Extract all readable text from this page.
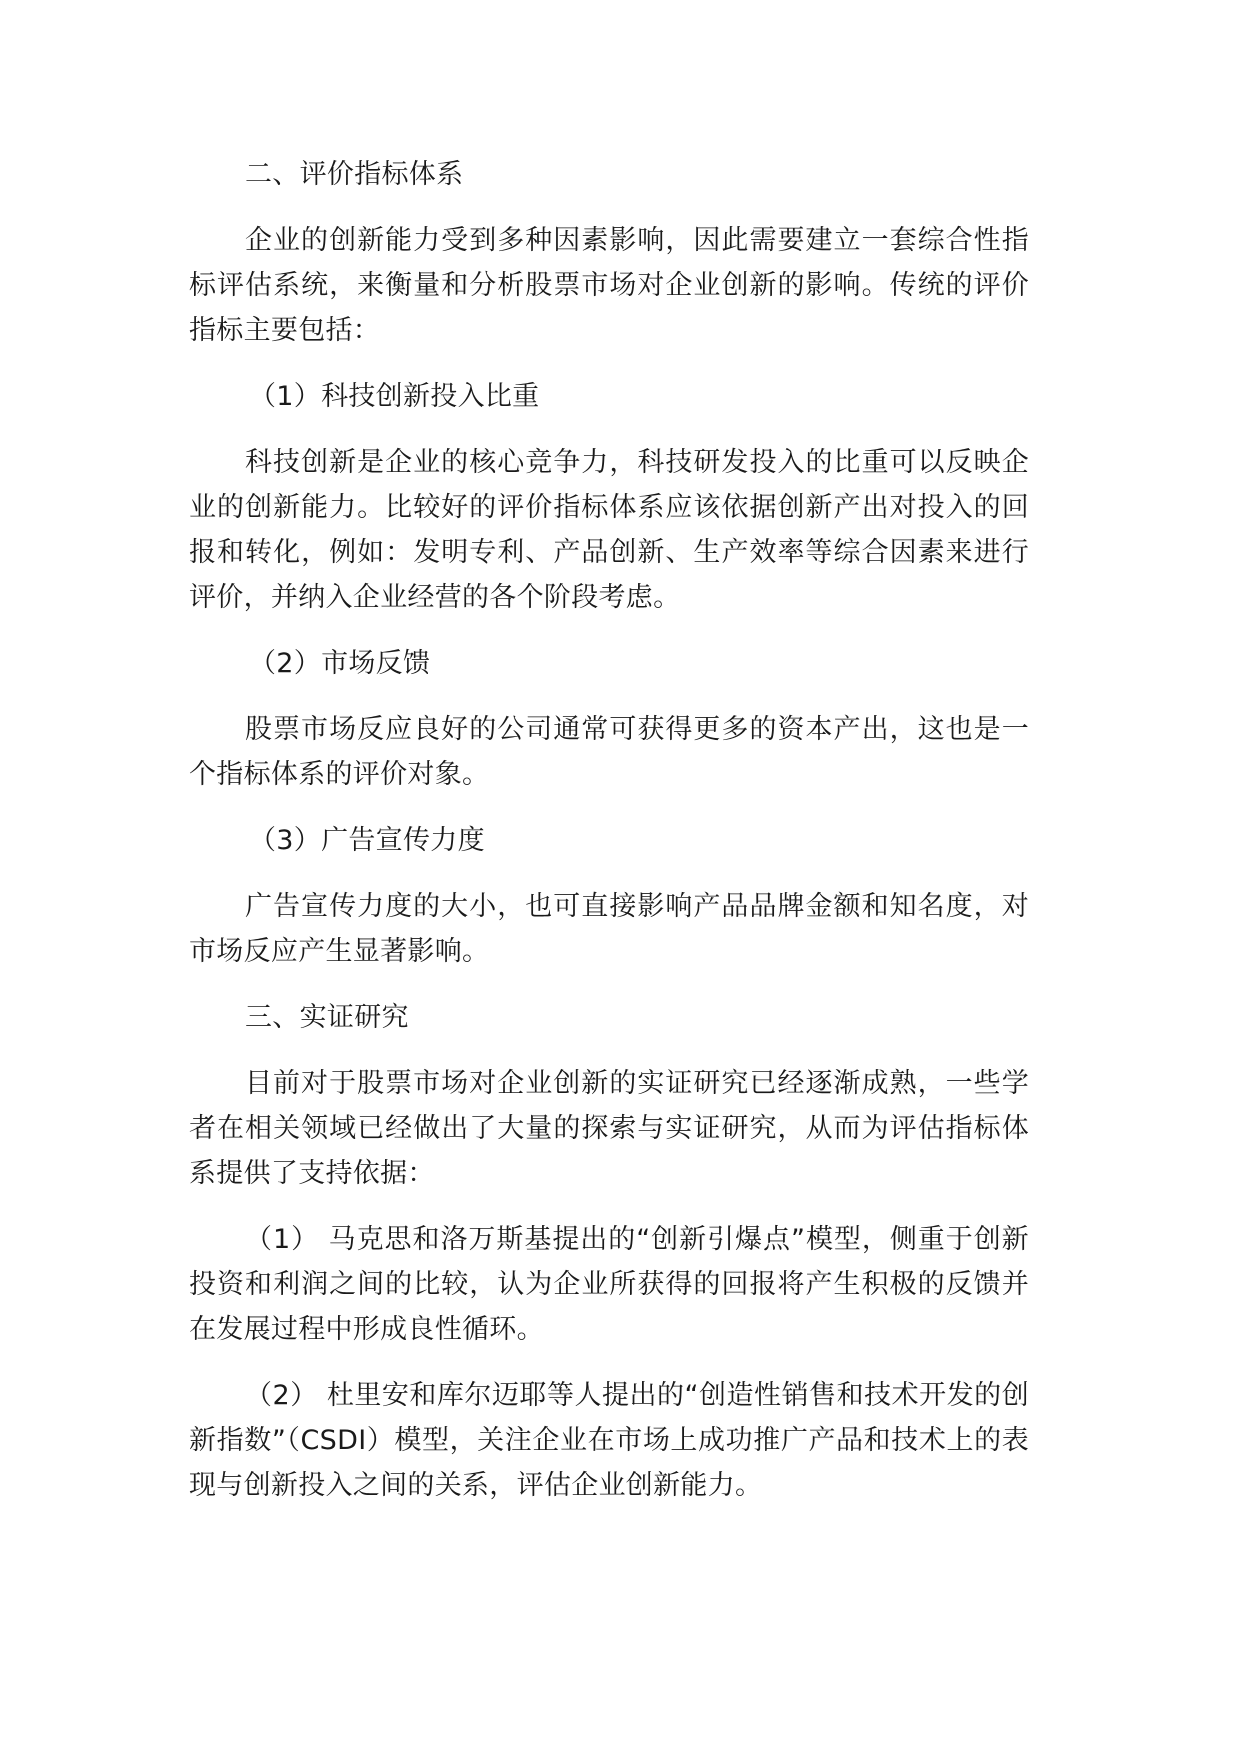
二、评价指标体系
企业的创新能力受到多种因素影响，因此需要建立一套综合性指标评估系统，来衡量和分析股票市场对企业创新的影响。传统的评价指标主要包括：
（1）科技创新投入比重
科技创新是企业的核心竞争力，科技研发投入的比重可以反映企业的创新能力。比较好的评价指标体系应该依据创新产出对投入的回报和转化，例如：发明专利、产品创新、生产效率等综合因素来进行评价，并纳入企业经营的各个阶段考虑。
（2）市场反馈
股票市场反应良好的公司通常可获得更多的资本产出，这也是一个指标体系的评价对象。
（3）广告宣传力度
广告宣传力度的大小，也可直接影响产品品牌金额和知名度，对市场反应产生显著影响。
三、实证研究
目前对于股票市场对企业创新的实证研究已经逐渐成熟，一些学者在相关领域已经做出了大量的探索与实证研究，从而为评估指标体系提供了支持依据：
（1） 马克思和洛万斯基提出的“创新引爆点”模型，侧重于创新投资和利润之间的比较，认为企业所获得的回报将产生积极的反馈并在发展过程中形成良性循环。
（2） 杜里安和库尔迈耶等人提出的“创造性销售和技术开发的创新指数”（CSDI）模型，关注企业在市场上成功推广产品和技术上的表现与创新投入之间的关系，评估企业创新能力。
